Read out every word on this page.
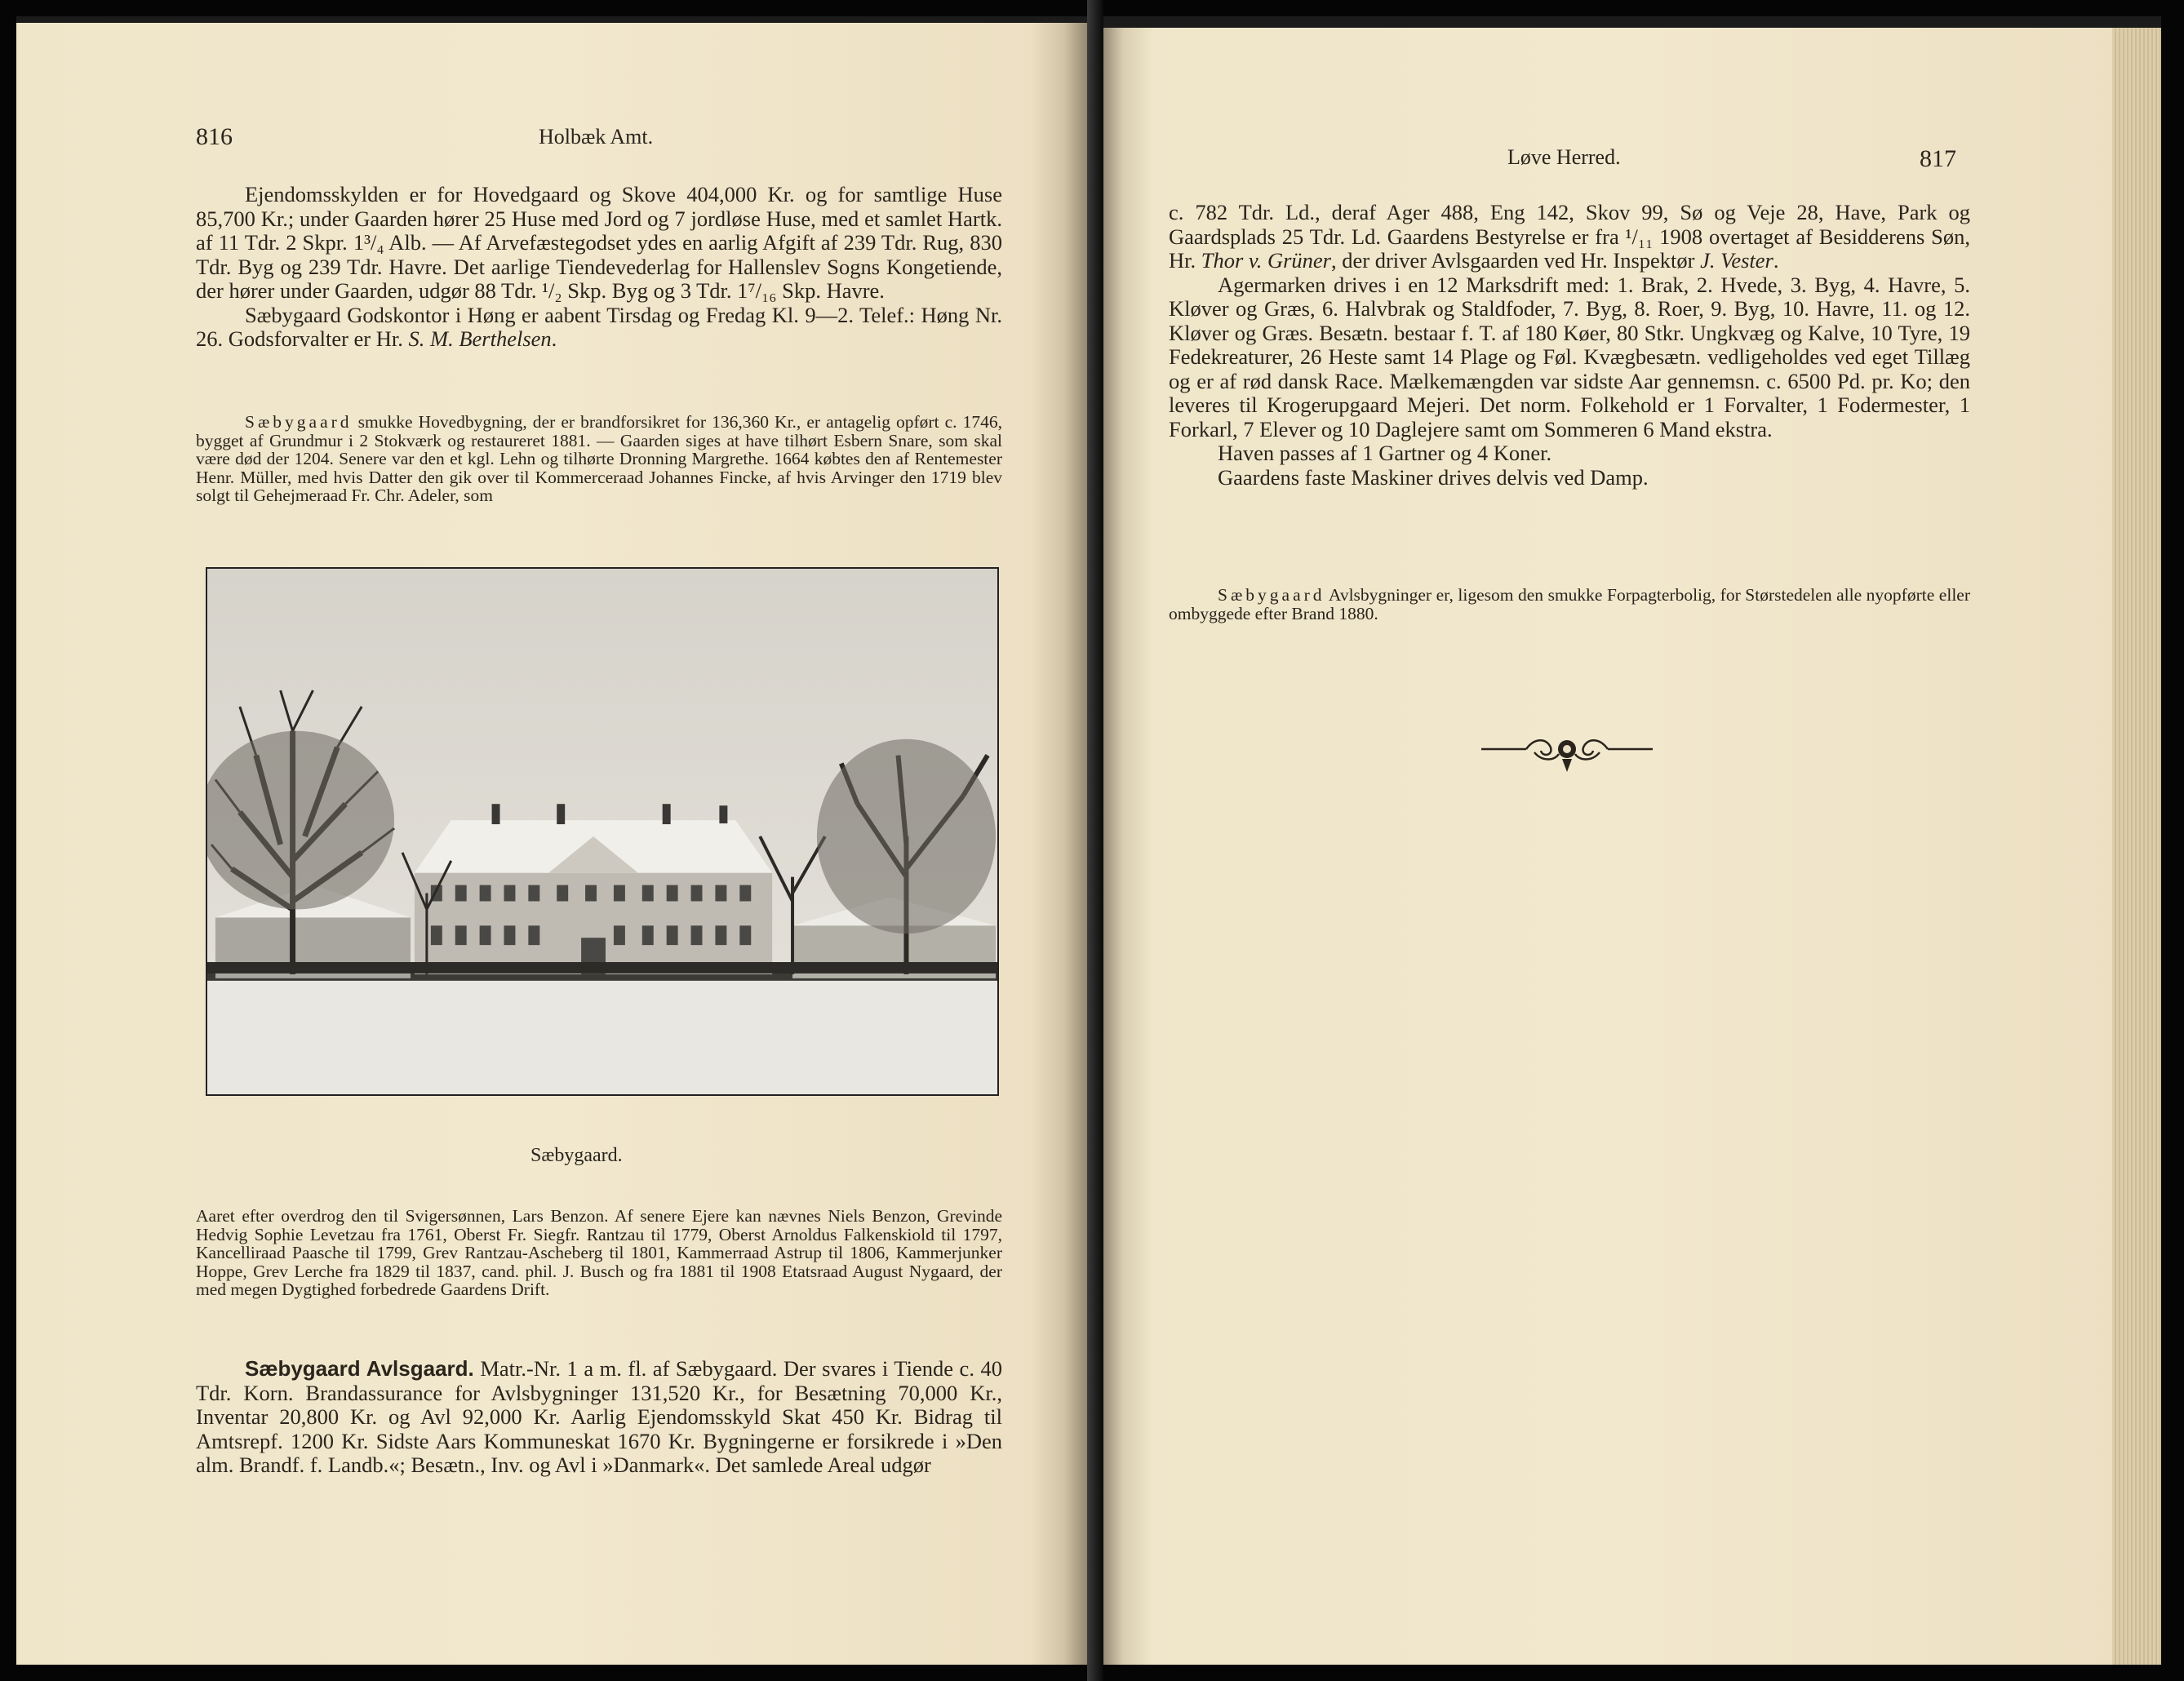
816	Holbæk Amt.

Ejendomsskylden er for Hovedgaard og Skove 404,000 Kr. og for samtlige Huse 85,700 Kr.; under Gaarden hører 25 Huse med Jord og 7 jordløse Huse, med et samlet Hartk. af 11 Tdr. 2 Skpr. 1³/₄ Alb. — Af Arvefæstegodset ydes en aarlig Afgift af 239 Tdr. Rug, 830 Tdr. Byg og 239 Tdr. Havre. Det aarlige Tiendevederlag for Hallenslev Sogns Kongetiende, der hører under Gaarden, udgør 88 Tdr. ¹/₂ Skp. Byg og 3 Tdr. 1⁷/₁₆ Skp. Havre.

Sæbygaard Godskontor i Høng er aabent Tirsdag og Fredag Kl. 9—2. Telef.: Høng Nr. 26. Godsforvalter er Hr. S. M. Berthelsen.

Sæbygaard smukke Hovedbygning, der er brandforsikret for 136,360 Kr., er antagelig opført c. 1746, bygget af Grundmur i 2 Stokværk og restaureret 1881. — Gaarden siges at have tilhørt Esbern Snare, som skal være død der 1204. Senere var den et kgl. Lehn og tilhørte Dronning Margrethe. 1664 købtes den af Rentemester Henr. Müller, med hvis Datter den gik over til Kommerceraad Johannes Fincke, af hvis Arvinger den 1719 blev solgt til Gehejmeraad Fr. Chr. Adeler, som

Sæbygaard.

Aaret efter overdrog den til Svigersønnen, Lars Benzon. Af senere Ejere kan nævnes Niels Benzon, Grevinde Hedvig Sophie Levetzau fra 1761, Oberst Fr. Siegfr. Rantzau til 1779, Oberst Arnoldus Falkenskiold til 1797, Kancelliraad Paasche til 1799, Grev Rantzau-Ascheberg til 1801, Kammerraad Astrup til 1806, Kammerjunker Hoppe, Grev Lerche fra 1829 til 1837, cand. phil. J. Busch og fra 1881 til 1908 Etatsraad August Nygaard, der med megen Dygtighed forbedrede Gaardens Drift.

Sæbygaard Avlsgaard. Matr.-Nr. 1 a m. fl. af Sæbygaard. Der svares i Tiende c. 40 Tdr. Korn. Brandassurance for Avlsbygninger 131,520 Kr., for Besætning 70,000 Kr., Inventar 20,800 Kr. og Avl 92,000 Kr. Aarlig Ejendomsskyld Skat 450 Kr. Bidrag til Amtsrepf. 1200 Kr. Sidste Aars Kommuneskat 1670 Kr. Bygningerne er forsikrede i »Den alm. Brandf. f. Landb.«; Besætn., Inv. og Avl i »Danmark«. Det samlede Areal udgør

Løve Herred.	817

c. 782 Tdr. Ld., deraf Ager 488, Eng 142, Skov 99, Sø og Veje 28, Have, Park og Gaardsplads 25 Tdr. Ld. Gaardens Bestyrelse er fra ¹/₁₁ 1908 overtaget af Besidderens Søn, Hr. Thor v. Grüner, der driver Avlsgaarden ved Hr. Inspektør J. Vester.

Agermarken drives i en 12 Marksdrift med: 1. Brak, 2. Hvede, 3. Byg, 4. Havre, 5. Kløver og Græs, 6. Halvbrak og Staldfoder, 7. Byg, 8. Roer, 9. Byg, 10. Havre, 11. og 12. Kløver og Græs. Besætn. bestaar f. T. af 180 Køer, 80 Stkr. Ungkvæg og Kalve, 10 Tyre, 19 Fedekreaturer, 26 Heste samt 14 Plage og Føl. Kvægbesætn. vedligeholdes ved eget Tillæg og er af rød dansk Race. Mælkemængden var sidste Aar gennemsn. c. 6500 Pd. pr. Ko; den leveres til Krogerupgaard Mejeri. Det norm. Folkehold er 1 Forvalter, 1 Fodermester, 1 Forkarl, 7 Elever og 10 Daglejere samt om Sommeren 6 Mand ekstra.

Haven passes af 1 Gartner og 4 Koner.

Gaardens faste Maskiner drives delvis ved Damp.

Sæbygaard Avlsbygninger er, ligesom den smukke Forpagterbolig, for Størstedelen alle nyopførte eller ombyggede efter Brand 1880.
